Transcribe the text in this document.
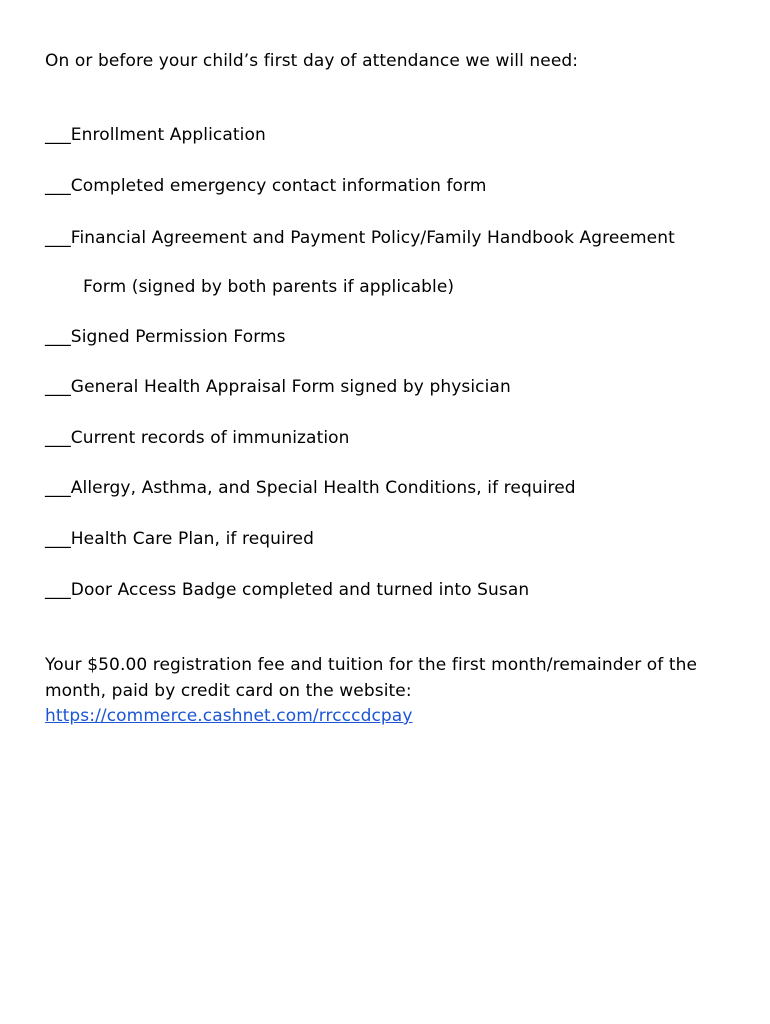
On or before your child’s first day of attendance we will need:
___Enrollment Application
___Completed emergency contact information form
___Financial Agreement and Payment Policy/Family Handbook Agreement
Form (signed by both parents if applicable)
___Signed Permission Forms
___General Health Appraisal Form signed by physician
___Current records of immunization
___Allergy, Asthma, and Special Health Conditions, if required
___Health Care Plan, if required
___Door Access Badge completed and turned into Susan
Your $50.00 registration fee and tuition for the first month/remainder of the
month, paid by credit card on the website:
https://commerce.cashnet.com/rrcccdcpay
